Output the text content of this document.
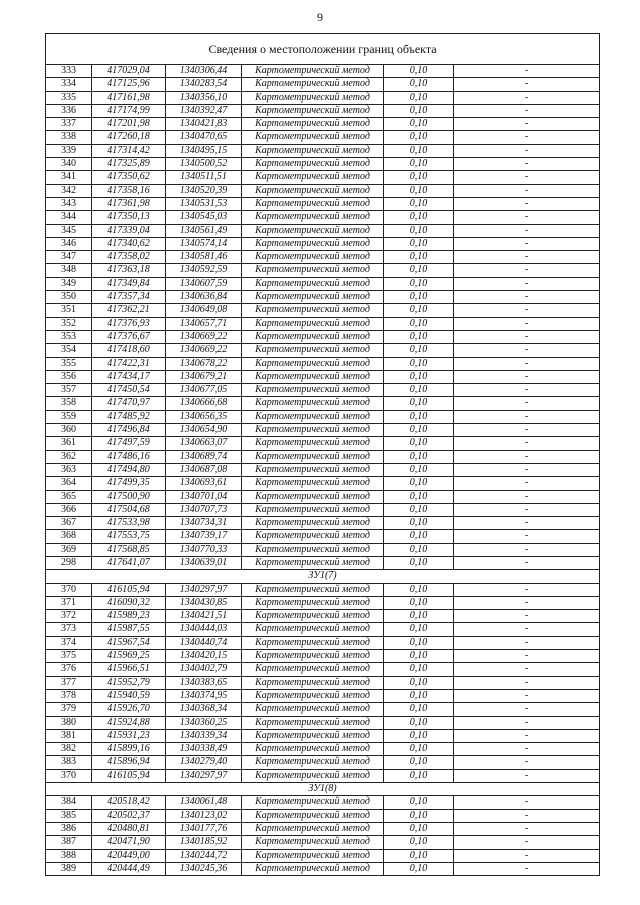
9
Сведения о местоположении границ объекта					
333	417029,04	1340306,44	Картометрический метод	0,10	-
334	417125,96	1340283,54	Картометрический метод	0,10	-
335	417161,98	1340356,10	Картометрический метод	0,10	-
336	417174,99	1340392,47	Картометрический метод	0,10	-
337	417201,98	1340421,83	Картометрический метод	0,10	-
338	417260,18	1340470,65	Картометрический метод	0,10	-
339	417314,42	1340495,15	Картометрический метод	0,10	-
340	417325,89	1340500,52	Картометрический метод	0,10	-
341	417350,62	1340511,51	Картометрический метод	0,10	-
342	417358,16	1340520,39	Картометрический метод	0,10	-
343	417361,98	1340531,53	Картометрический метод	0,10	-
344	417350,13	1340545,03	Картометрический метод	0,10	-
345	417339,04	1340561,49	Картометрический метод	0,10	-
346	417340,62	1340574,14	Картометрический метод	0,10	-
347	417358,02	1340581,46	Картометрический метод	0,10	-
348	417363,18	1340592,59	Картометрический метод	0,10	-
349	417349,84	1340607,59	Картометрический метод	0,10	-
350	417357,34	1340636,84	Картометрический метод	0,10	-
351	417362,21	1340649,08	Картометрический метод	0,10	-
352	417376,93	1340657,71	Картометрический метод	0,10	-
353	417376,67	1340669,22	Картометрический метод	0,10	-
354	417418,60	1340669,22	Картометрический метод	0,10	-
355	417422,31	1340678,22	Картометрический метод	0,10	-
356	417434,17	1340679,21	Картометрический метод	0,10	-
357	417450,54	1340677,05	Картометрический метод	0,10	-
358	417470,97	1340666,68	Картометрический метод	0,10	-
359	417485,92	1340656,35	Картометрический метод	0,10	-
360	417496,84	1340654,90	Картометрический метод	0,10	-
361	417497,59	1340663,07	Картометрический метод	0,10	-
362	417486,16	1340689,74	Картометрический метод	0,10	-
363	417494,80	1340687,08	Картометрический метод	0,10	-
364	417499,35	1340693,61	Картометрический метод	0,10	-
365	417500,90	1340701,04	Картометрический метод	0,10	-
366	417504,68	1340707,73	Картометрический метод	0,10	-
367	417533,98	1340734,31	Картометрический метод	0,10	-
368	417553,75	1340739,17	Картометрический метод	0,10	-
369	417568,85	1340770,33	Картометрический метод	0,10	-
298	417641,07	1340639,01	Картометрический метод	0,10	-
ЗУ1(7)					
370	416105,94	1340297,97	Картометрический метод	0,10	-
371	416090,32	1340430,85	Картометрический метод	0,10	-
372	415989,23	1340421,51	Картометрический метод	0,10	-
373	415987,55	1340444,03	Картометрический метод	0,10	-
374	415967,54	1340440,74	Картометрический метод	0,10	-
375	415969,25	1340420,15	Картометрический метод	0,10	-
376	415966,51	1340402,79	Картометрический метод	0,10	-
377	415952,79	1340383,65	Картометрический метод	0,10	-
378	415940,59	1340374,95	Картометрический метод	0,10	-
379	415926,70	1340368,34	Картометрический метод	0,10	-
380	415924,88	1340360,25	Картометрический метод	0,10	-
381	415931,23	1340339,34	Картометрический метод	0,10	-
382	415899,16	1340338,49	Картометрический метод	0,10	-
383	415896,94	1340279,40	Картометрический метод	0,10	-
370	416105,94	1340297,97	Картометрический метод	0,10	-
ЗУ1(8)					
384	420518,42	1340061,48	Картометрический метод	0,10	-
385	420502,37	1340123,02	Картометрический метод	0,10	-
386	420480,81	1340177,76	Картометрический метод	0,10	-
387	420471,90	1340185,92	Картометрический метод	0,10	-
388	420449,00	1340244,72	Картометрический метод	0,10	-
389	420444,49	1340245,36	Картометрический метод	0,10	-
